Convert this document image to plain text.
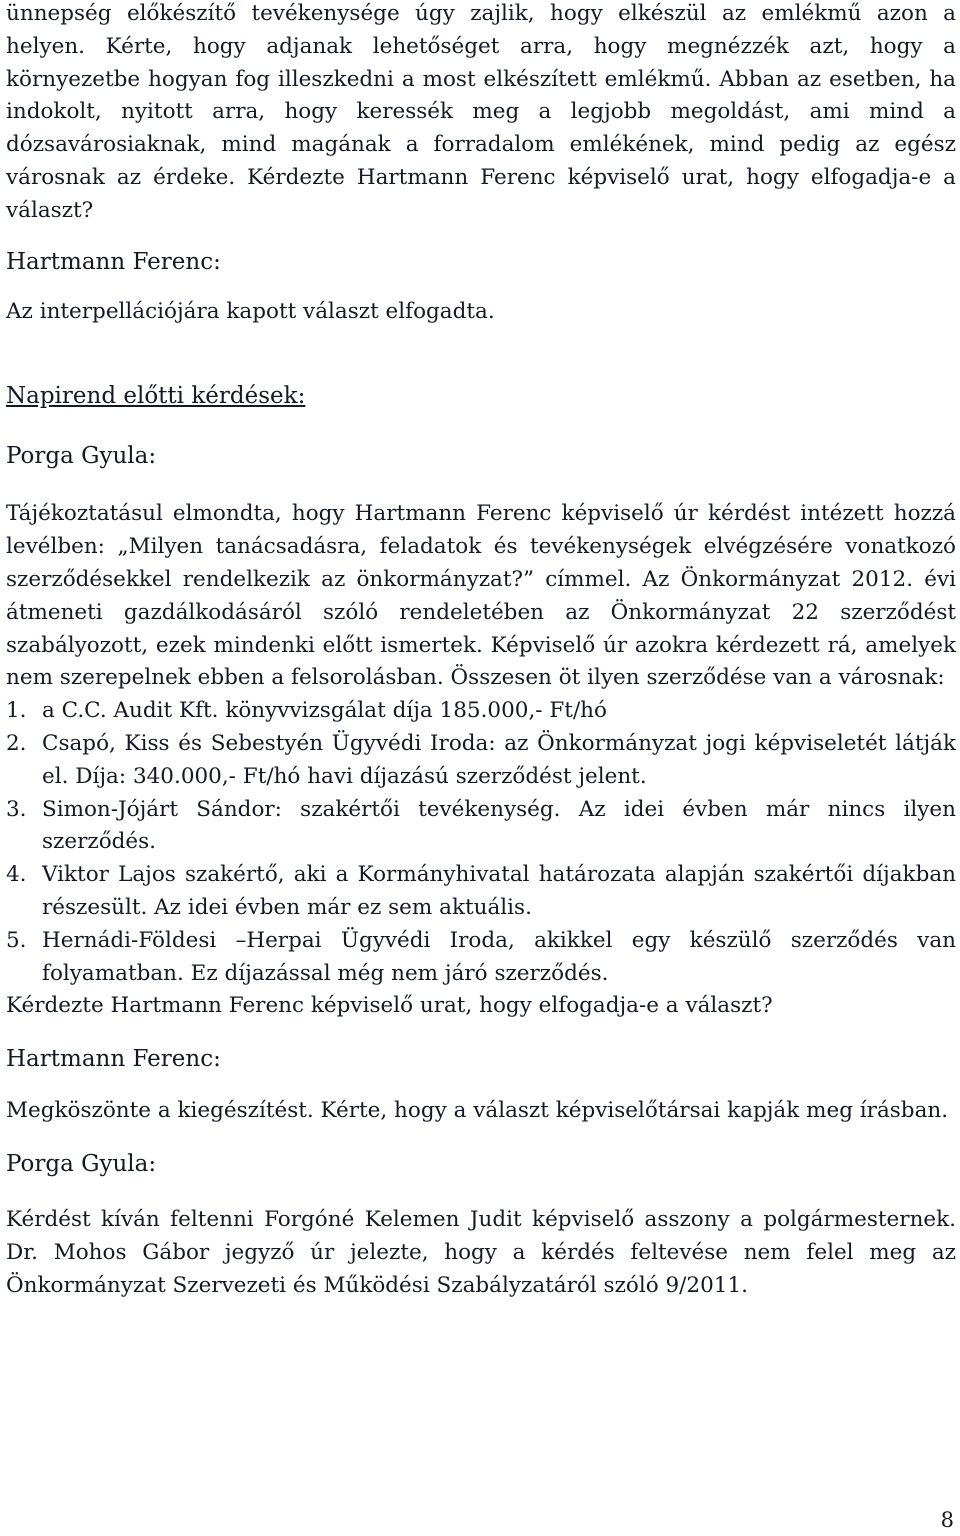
ünnepség előkészítő tevékenysége úgy zajlik, hogy elkészül az emlékmű azon a helyen. Kérte, hogy adjanak lehetőséget arra, hogy megnézzék azt, hogy a környezetbe hogyan fog illeszkedni a most elkészített emlékmű. Abban az esetben, ha indokolt, nyitott arra, hogy keressék meg a legjobb megoldást, ami mind a dózsavárosiaknak, mind magának a forradalom emlékének, mind pedig az egész városnak az érdeke. Kérdezte Hartmann Ferenc képviselő urat, hogy elfogadja-e a választ?

Hartmann Ferenc:

Az interpellációjára kapott választ elfogadta.

Napirend előtti kérdések:

Porga Gyula:

Tájékoztatásul elmondta, hogy Hartmann Ferenc képviselő úr kérdést intézett hozzá levélben: „Milyen tanácsadásra, feladatok és tevékenységek elvégzésére vonatkozó szerződésekkel rendelkezik az önkormányzat?” címmel. Az Önkormányzat 2012. évi átmeneti gazdálkodásáról szóló rendeletében az Önkormányzat 22 szerződést szabályozott, ezek mindenki előtt ismertek. Képviselő úr azokra kérdezett rá, amelyek nem szerepelnek ebben a felsorolásban. Összesen öt ilyen szerződése van a városnak:

1. a C.C. Audit Kft. könyvvizsgálat díja 185.000,- Ft/hó
2. Csapó, Kiss és Sebestyén Ügyvédi Iroda: az Önkormányzat jogi képviseletét látják el. Díja: 340.000,- Ft/hó havi díjazású szerződést jelent.
3. Simon-Jójárt Sándor: szakértői tevékenység. Az idei évben már nincs ilyen szerződés.
4. Viktor Lajos szakértő, aki a Kormányhivatal határozata alapján szakértői díjakban részesült. Az idei évben már ez sem aktuális.
5. Hernádi-Földesi –Herpai Ügyvédi Iroda, akikkel egy készülő szerződés van folyamatban. Ez díjazással még nem járó szerződés.

Kérdezte Hartmann Ferenc képviselő urat, hogy elfogadja-e a választ?

Hartmann Ferenc:

Megköszönte a kiegészítést. Kérte, hogy a választ képviselőtársai kapják meg írásban.

Porga Gyula:

Kérdést kíván feltenni Forgóné Kelemen Judit képviselő asszony a polgármesternek. Dr. Mohos Gábor jegyző úr jelezte, hogy a kérdés feltevése nem felel meg az Önkormányzat Szervezeti és Működési Szabályzatáról szóló 9/2011.

8
